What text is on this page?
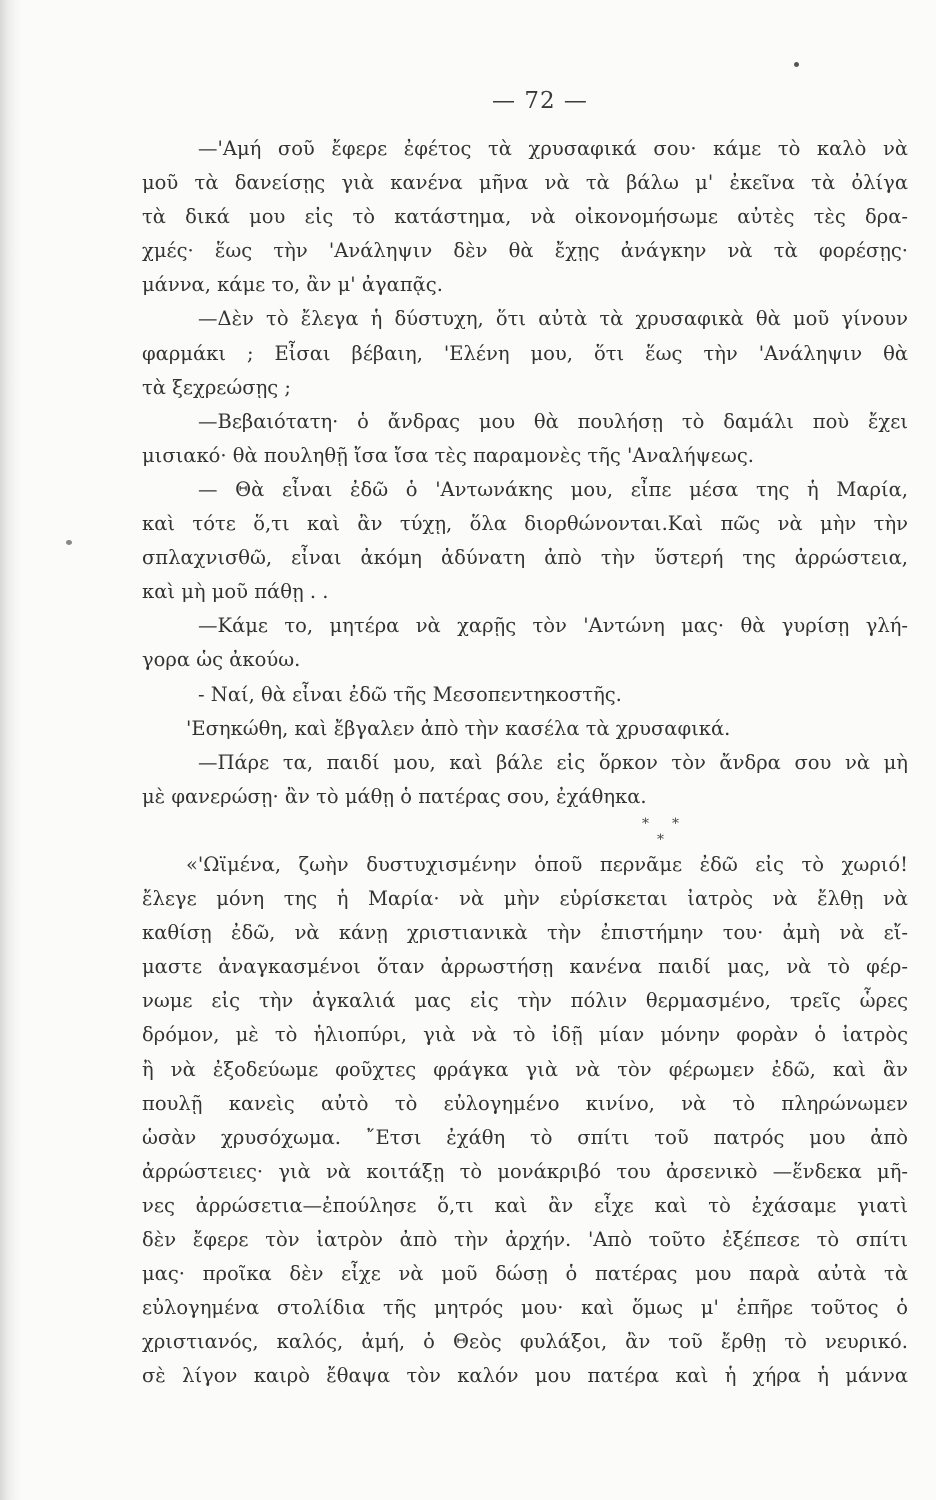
— 72 —
—'Αμή σοῦ ἔφερε ἐφέτος τὰ χρυσαφικά σου· κάμε τὸ καλὸ νὰ
μοῦ τὰ δανείσῃς γιὰ κανένα μῆνα νὰ τὰ βάλω μ' ἐκεῖνα τὰ ὀλίγα
τὰ δικά μου εἰς τὸ κατάστημα, νὰ οἰκονομήσωμε αὐτὲς τὲς δρα-
χμές· ἕως τὴν 'Ανάληψιν δὲν θὰ ἔχῃς ἀνάγκην νὰ τὰ φορέσῃς·
μάννα, κάμε το, ἂν μ' ἀγαπᾷς.
—Δὲν τὸ ἔλεγα ἡ δύστυχη, ὅτι αὐτὰ τὰ χρυσαφικὰ θὰ μοῦ γίνουν
φαρμάκι ; Εἶσαι βέβαιη, 'Ελένη μου, ὅτι ἕως τὴν 'Ανάληψιν θὰ
τὰ ξεχρεώσῃς ;
—Βεβαιότατη· ὁ ἄνδρας μου θὰ πουλήσῃ τὸ δαμάλι ποὺ ἔχει
μισιακό· θὰ πουληθῇ ἴσα ἴσα τὲς παραμονὲς τῆς 'Αναλήψεως.
— Θὰ εἶναι ἐδῶ ὁ 'Αντωνάκης μου, εἶπε μέσα της ἡ Μαρία,
καὶ τότε ὅ,τι καὶ ἂν τύχῃ, ὅλα διορθώνονται.Καὶ πῶς νὰ μὴν τὴν
σπλαχνισθῶ, εἶναι ἀκόμη ἀδύνατη ἀπὸ τὴν ὕστερή της ἀρρώστεια,
καὶ μὴ μοῦ πάθῃ . .
—Κάμε το, μητέρα νὰ χαρῇς τὸν 'Αντώνη μας· θὰ γυρίσῃ γλή-
γορα ὡς ἀκούω.
- Ναί, θὰ εἶναι ἐδῶ τῆς Μεσοπεντηκοστῆς.
'Εσηκώθη, καὶ ἔβγαλεν ἀπὸ τὴν κασέλα τὰ χρυσαφικά.
—Πάρε τα, παιδί μου, καὶ βάλε εἰς ὅρκον τὸν ἄνδρα σου νὰ μὴ
μὲ φανερώσῃ· ἂν τὸ μάθῃ ὁ πατέρας σου, ἐχάθηκα.
* *
*
«'Ωϊμένα, ζωὴν δυστυχισμένην ὁποῦ περνᾶμε ἐδῶ εἰς τὸ χωριό!
ἔλεγε μόνη της ἡ Μαρία· νὰ μὴν εὑρίσκεται ἰατρὸς νὰ ἔλθῃ νὰ
καθίσῃ ἐδῶ, νὰ κάνῃ χριστιανικὰ τὴν ἐπιστήμην του· ἀμὴ νὰ εἴ-
μαστε ἀναγκασμένοι ὅταν ἀρρωστήσῃ κανένα παιδί μας, νὰ τὸ φέρ-
νωμε εἰς τὴν ἀγκαλιά μας εἰς τὴν πόλιν θερμασμένο, τρεῖς ὧρες
δρόμον, μὲ τὸ ἡλιοπύρι, γιὰ νὰ τὸ ἰδῇ μίαν μόνην φορὰν ὁ ἰατρὸς
ἢ νὰ ἐξοδεύωμε φοῦχτες φράγκα γιὰ νὰ τὸν φέρωμεν ἐδῶ, καὶ ἂν
πουλῇ κανεὶς αὐτὸ τὸ εὐλογημένο κινίνο, νὰ τὸ πληρώνωμεν
ὡσὰν χρυσόχωμα. ῎Ετσι ἐχάθη τὸ σπίτι τοῦ πατρός μου ἀπὸ
ἀρρώστειες· γιὰ νὰ κοιτάξῃ τὸ μονάκριβό του ἀρσενικὸ —ἕνδεκα μῆ-
νες ἀρρώσετια—ἐπούλησε ὅ,τι καὶ ἂν εἶχε καὶ τὸ ἐχάσαμε γιατὶ
δὲν ἔφερε τὸν ἰατρὸν ἀπὸ τὴν ἀρχήν. 'Απὸ τοῦτο ἐξέπεσε τὸ σπίτι
μας· προῖκα δὲν εἶχε νὰ μοῦ δώσῃ ὁ πατέρας μου παρὰ αὐτὰ τὰ
εὐλογημένα στολίδια τῆς μητρός μου· καὶ ὅμως μ' ἐπῆρε τοῦτος ὁ
χριστιανός, καλός, ἀμή, ὁ Θεὸς φυλάξοι, ἂν τοῦ ἔρθῃ τὸ νευρικό.
σὲ λίγον καιρὸ ἔθαψα τὸν καλόν μου πατέρα καὶ ἡ χήρα ἡ μάννα
